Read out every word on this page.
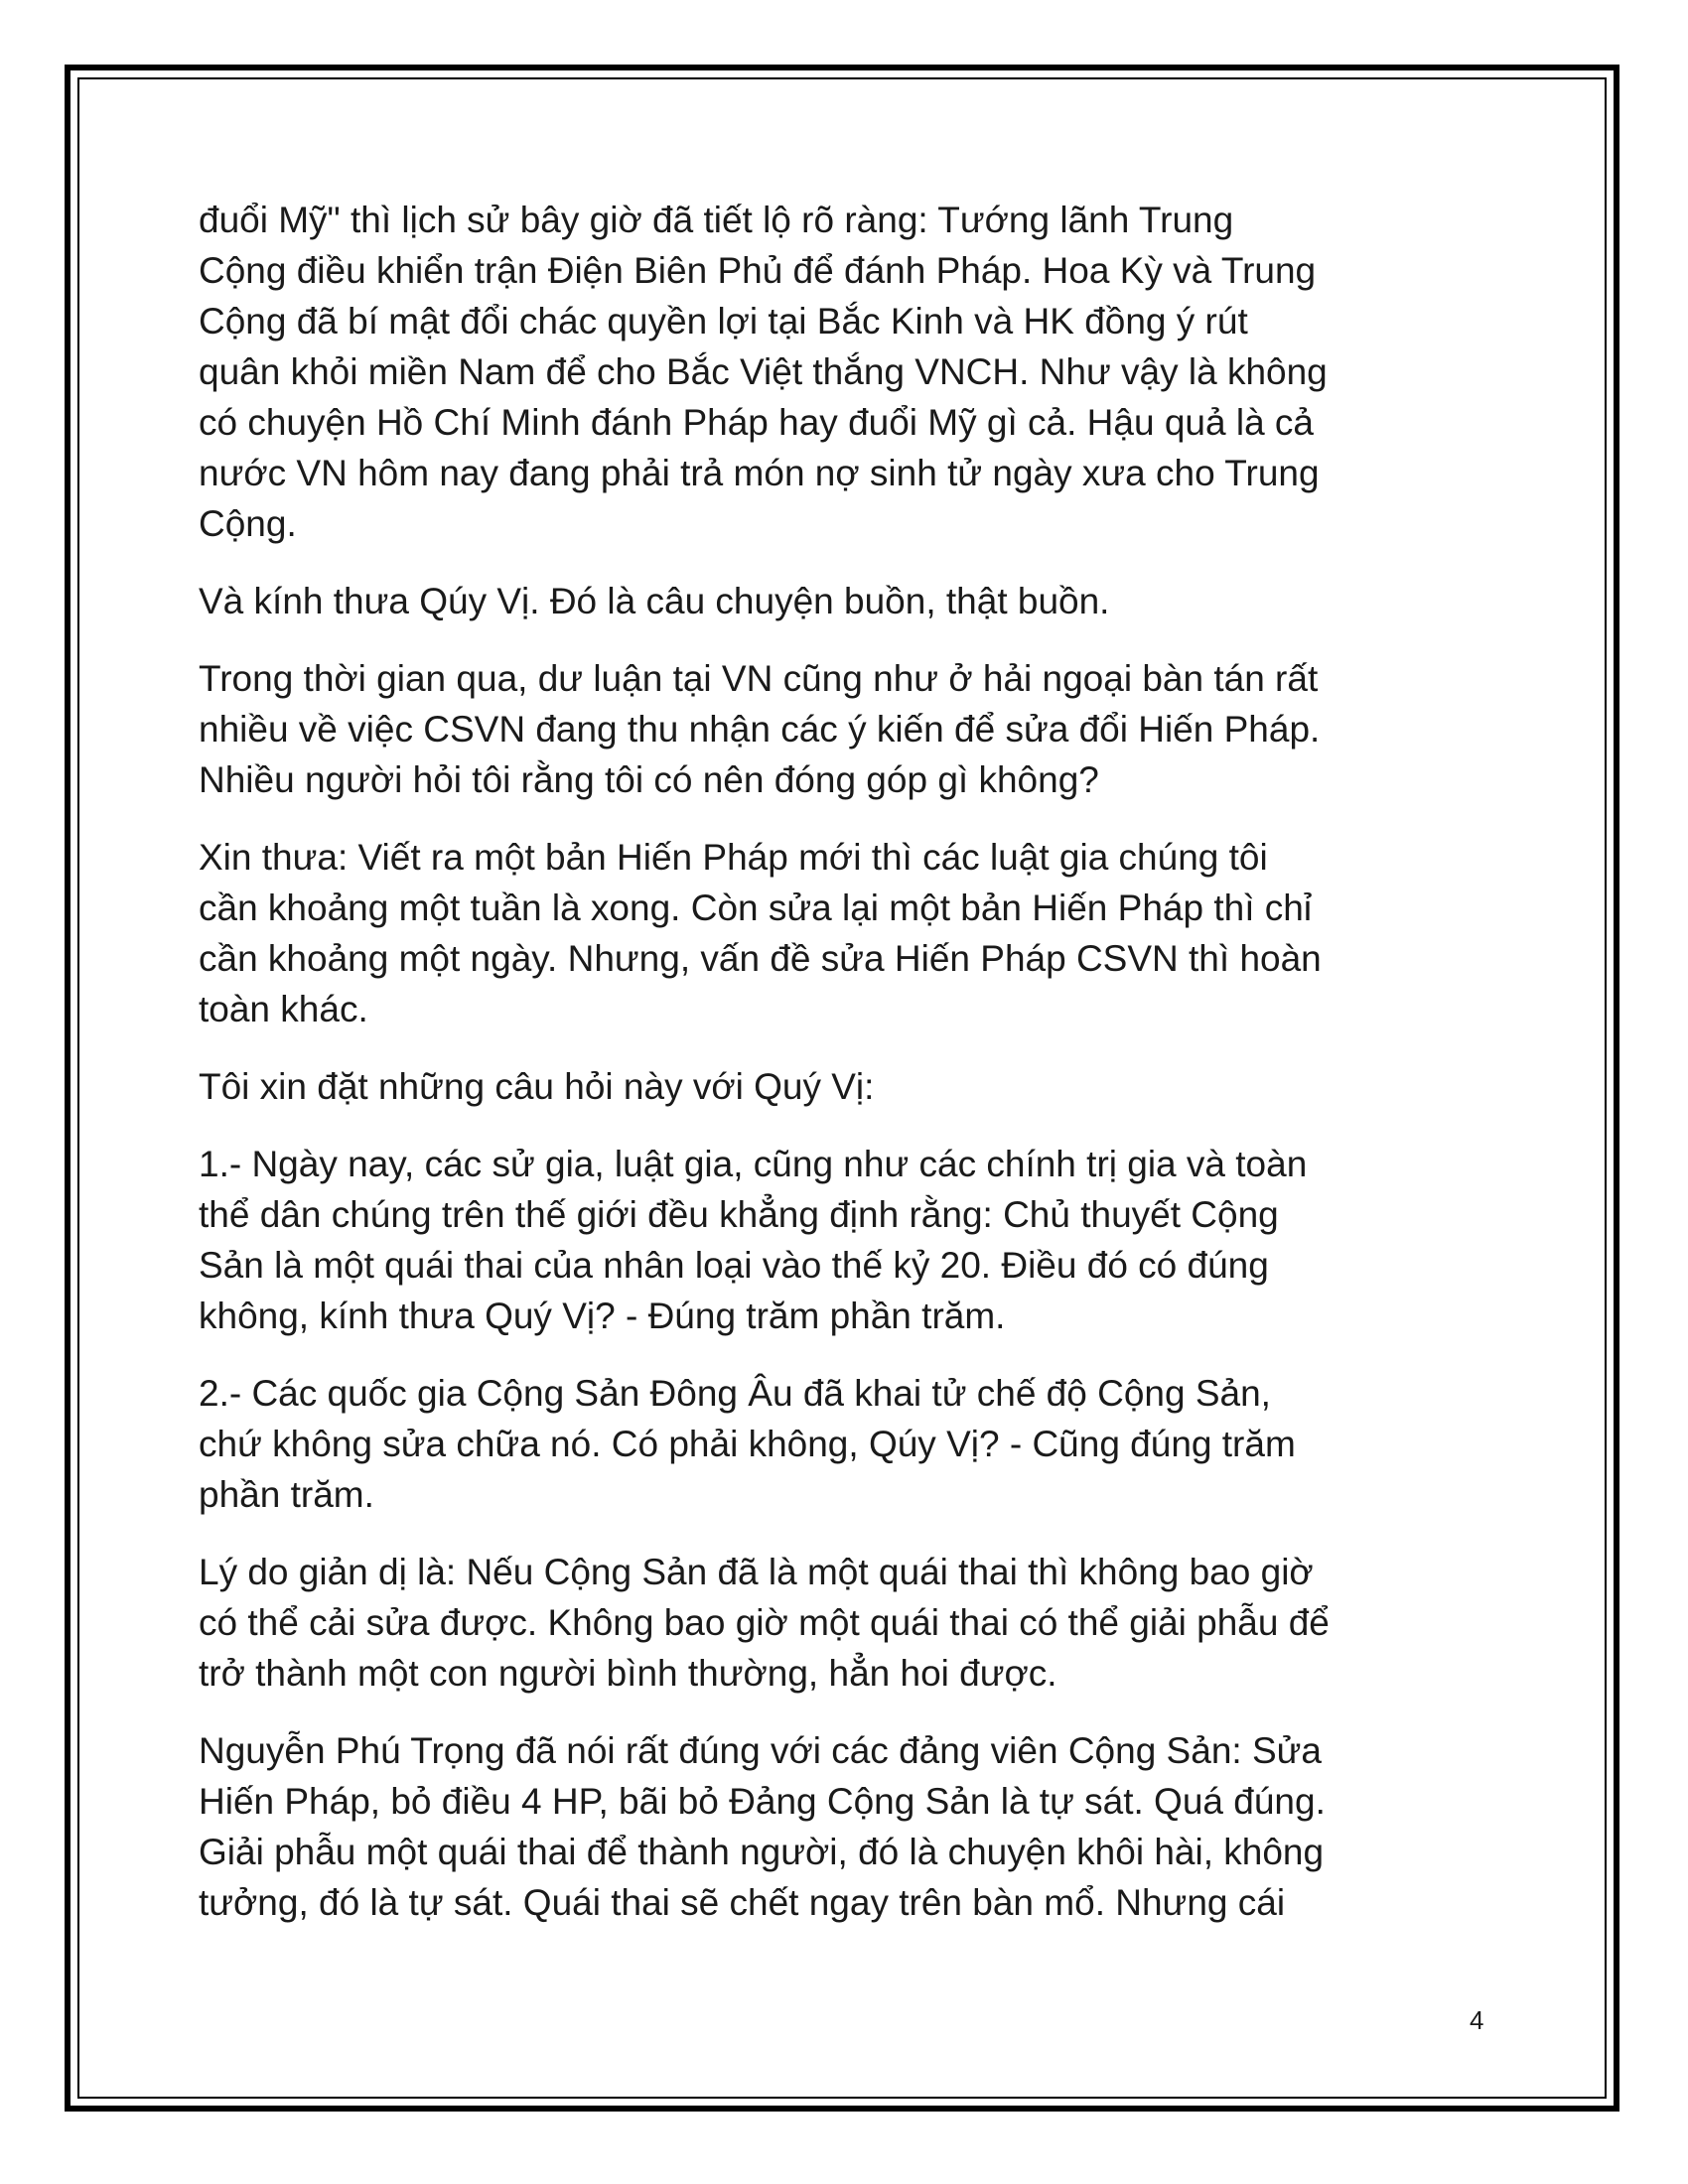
đuổi Mỹ" thì lịch sử bây giờ đã tiết lộ rõ ràng: Tướng lãnh Trung
Cộng điều khiển trận Điện Biên Phủ để đánh Pháp. Hoa Kỳ và Trung
Cộng đã bí mật đổi chác quyền lợi tại Bắc Kinh và HK đồng ý rút
quân khỏi miền Nam để cho Bắc Việt thắng VNCH. Như vậy là không
có chuyện Hồ Chí Minh đánh Pháp hay đuổi Mỹ gì cả. Hậu quả là cả
nước VN hôm nay đang phải trả món nợ sinh tử ngày xưa cho Trung
Cộng.

Và kính thưa Qúy Vị. Đó là câu chuyện buồn, thật buồn.

Trong thời gian qua, dư luận tại VN cũng như ở hải ngoại bàn tán rất
nhiều về việc CSVN đang thu nhận các ý kiến để sửa đổi Hiến Pháp.
Nhiều người hỏi tôi rằng tôi có nên đóng góp gì không?

Xin thưa: Viết ra một bản Hiến Pháp mới thì các luật gia chúng tôi
cần khoảng một tuần là xong. Còn sửa lại một bản Hiến Pháp thì chỉ
cần khoảng một ngày. Nhưng, vấn đề sửa Hiến Pháp CSVN thì hoàn
toàn khác.

Tôi xin đặt những câu hỏi này với Quý Vị:

1.- Ngày nay, các sử gia, luật gia, cũng như các chính trị gia và toàn
thể dân chúng trên thế giới đều khẳng định rằng: Chủ thuyết Cộng
Sản là một quái thai của nhân loại vào thế kỷ 20. Điều đó có đúng
không, kính thưa Quý Vị? - Đúng trăm phần trăm.

2.- Các quốc gia Cộng Sản Đông Âu đã khai tử chế độ Cộng Sản,
chứ không sửa chữa nó. Có phải không, Qúy Vị? - Cũng đúng trăm
phần trăm.

Lý do giản dị là: Nếu Cộng Sản đã là một quái thai thì không bao giờ
có thể cải sửa được. Không bao giờ một quái thai có thể giải phẫu để
trở thành một con người bình thường, hẳn hoi được.

Nguyễn Phú Trọng đã nói rất đúng với các đảng viên Cộng Sản: Sửa
Hiến Pháp, bỏ điều 4 HP, bãi bỏ Đảng Cộng Sản là tự sát. Quá đúng.
Giải phẫu một quái thai để thành người, đó là chuyện khôi hài, không
tưởng, đó là tự sát. Quái thai sẽ chết ngay trên bàn mổ. Nhưng cái

4
